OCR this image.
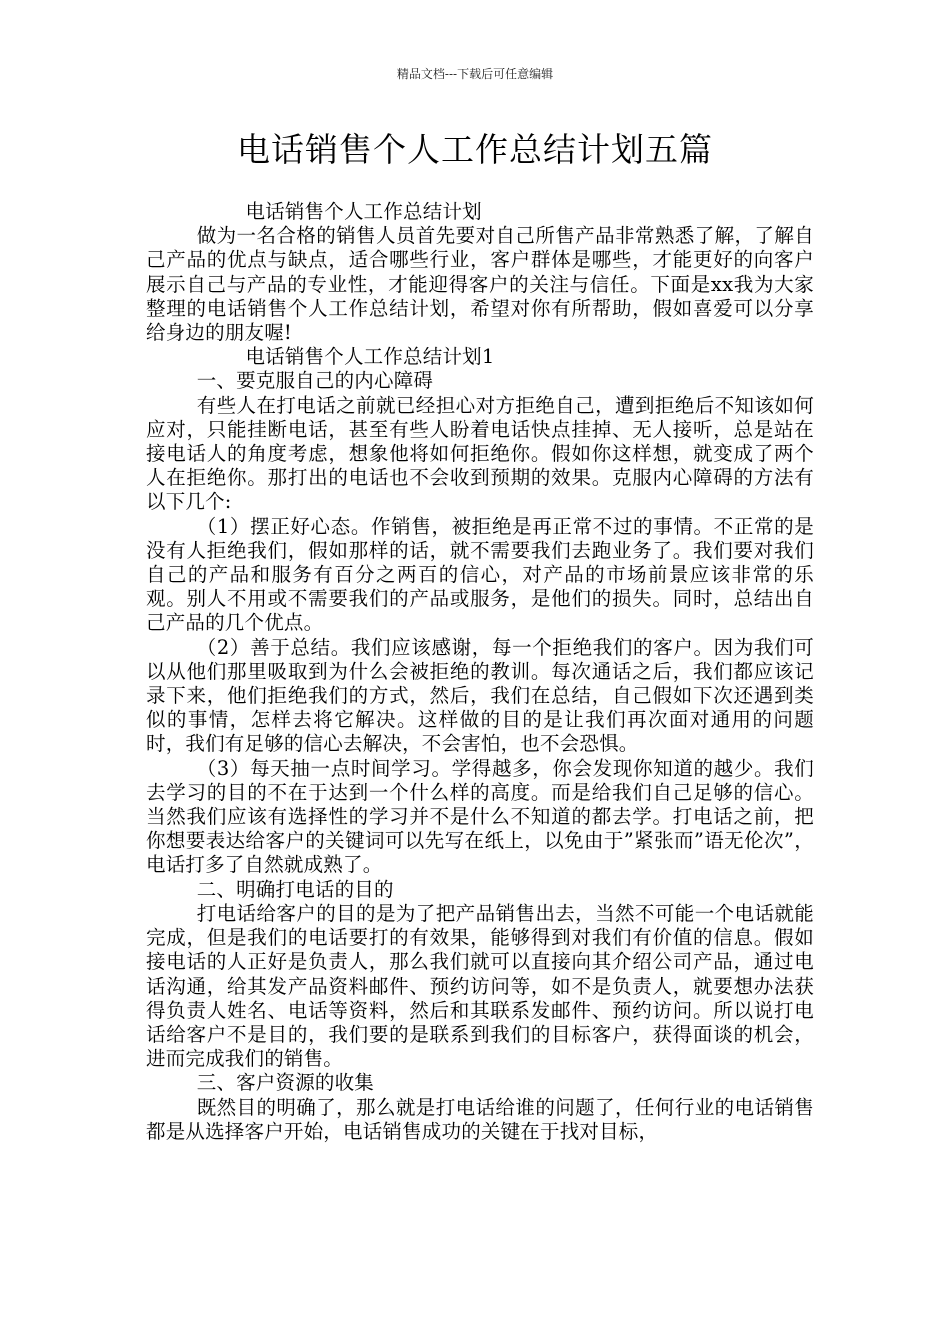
精品文档---下载后可任意编辑
电话销售个人工作总结计划五篇

电话销售个人工作总结计划

做为一名合格的销售人员首先要对自己所售产品非常熟悉了解，了解自己产品的优点与缺点，适合哪些行业，客户群体是哪些，才能更好的向客户展示自己与产品的专业性，才能迎得客户的关注与信任。下面是xx我为大家整理的电话销售个人工作总结计划，希望对你有所帮助，假如喜爱可以分享给身边的朋友喔!

电话销售个人工作总结计划1

一、要克服自己的内心障碍

有些人在打电话之前就已经担心对方拒绝自己，遭到拒绝后不知该如何应对，只能挂断电话，甚至有些人盼着电话快点挂掉、无人接听，总是站在接电话人的角度考虑，想象他将如何拒绝你。假如你这样想，就变成了两个人在拒绝你。那打出的电话也不会收到预期的效果。克服内心障碍的方法有以下几个:

（1）摆正好心态。作销售，被拒绝是再正常不过的事情。不正常的是没有人拒绝我们，假如那样的话，就不需要我们去跑业务了。我们要对我们自己的产品和服务有百分之两百的信心，对产品的市场前景应该非常的乐观。别人不用或不需要我们的产品或服务，是他们的损失。同时，总结出自己产品的几个优点。

（2）善于总结。我们应该感谢，每一个拒绝我们的客户。因为我们可以从他们那里吸取到为什么会被拒绝的教训。每次通话之后，我们都应该记录下来，他们拒绝我们的方式，然后，我们在总结，自己假如下次还遇到类似的事情，怎样去将它解决。这样做的目的是让我们再次面对通用的问题时，我们有足够的信心去解决，不会害怕，也不会恐惧。

（3）每天抽一点时间学习。学得越多，你会发现你知道的越少。我们去学习的目的不在于达到一个什么样的高度。而是给我们自己足够的信心。当然我们应该有选择性的学习并不是什么不知道的都去学。打电话之前，把你想要表达给客户的关键词可以先写在纸上，以免由于”紧张而”语无伦次”，电话打多了自然就成熟了。

二、明确打电话的目的

打电话给客户的目的是为了把产品销售出去，当然不可能一个电话就能完成，但是我们的电话要打的有效果，能够得到对我们有价值的信息。假如接电话的人正好是负责人，那么我们就可以直接向其介绍公司产品，通过电话沟通，给其发产品资料邮件、预约访问等，如不是负责人，就要想办法获得负责人姓名、电话等资料，然后和其联系发邮件、预约访问。所以说打电话给客户不是目的，我们要的是联系到我们的目标客户，获得面谈的机会，进而完成我们的销售。

三、客户资源的收集

既然目的明确了，那么就是打电话给谁的问题了，任何行业的电话销售都是从选择客户开始，电话销售成功的关键在于找对目标，
